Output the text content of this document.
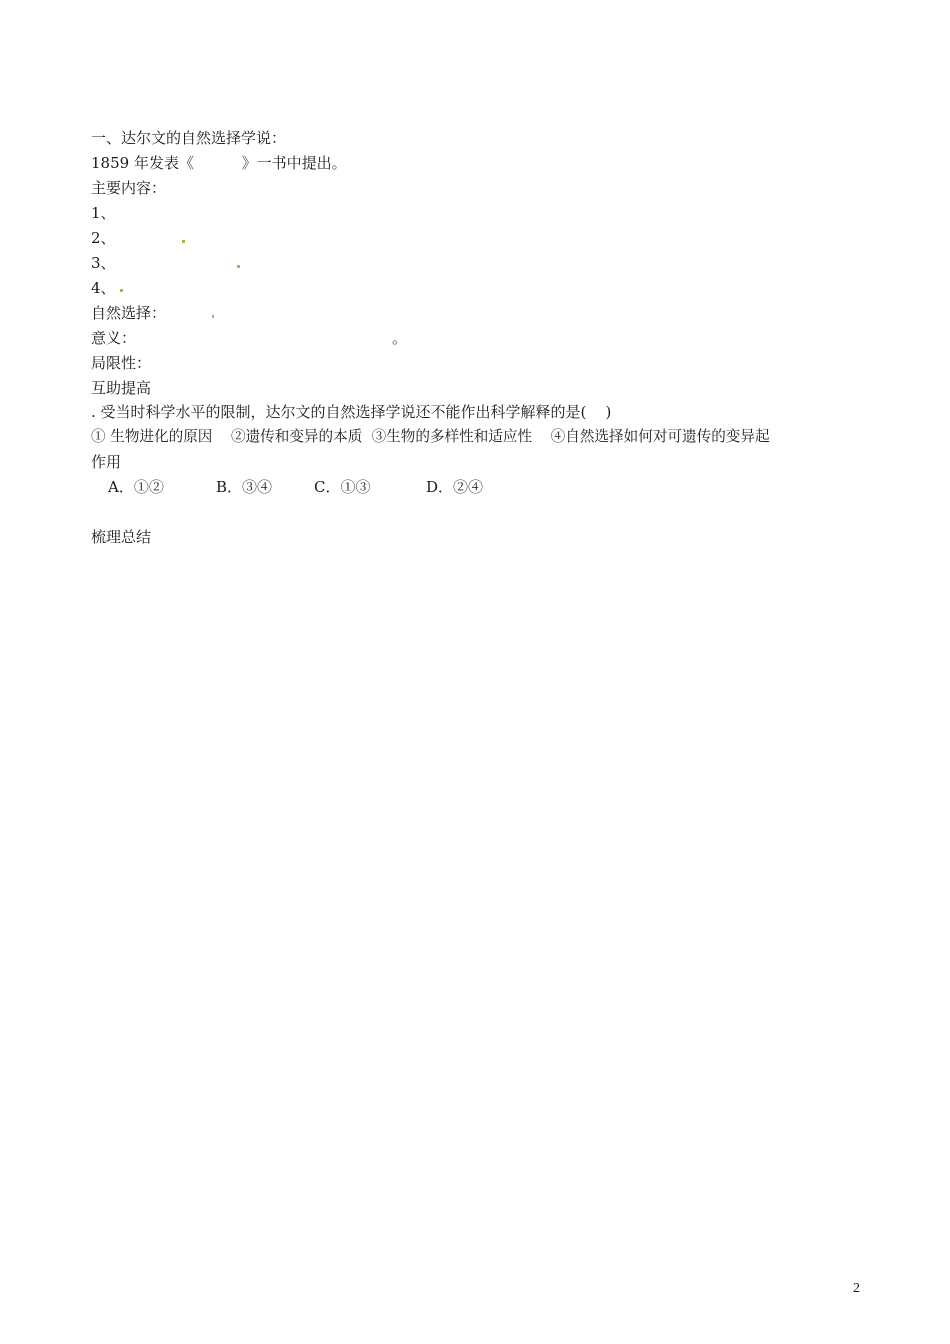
一、达尔文的自然选择学说：
1859 年发表《          》一书中提出。
主要内容：
1、
2、
3、
4、
自然选择：
意义：	。
局限性：
互助提高
. 受当时科学水平的限制，达尔文的自然选择学说还不能作出科学解释的是(    )
① 生物进化的原因    ②遗传和变异的本质  ③生物的多样性和适应性    ④自然选择如何对可遗传的变异起
作用
A．①②	B．③④	C．①③	D．②④
梳理总结
2
